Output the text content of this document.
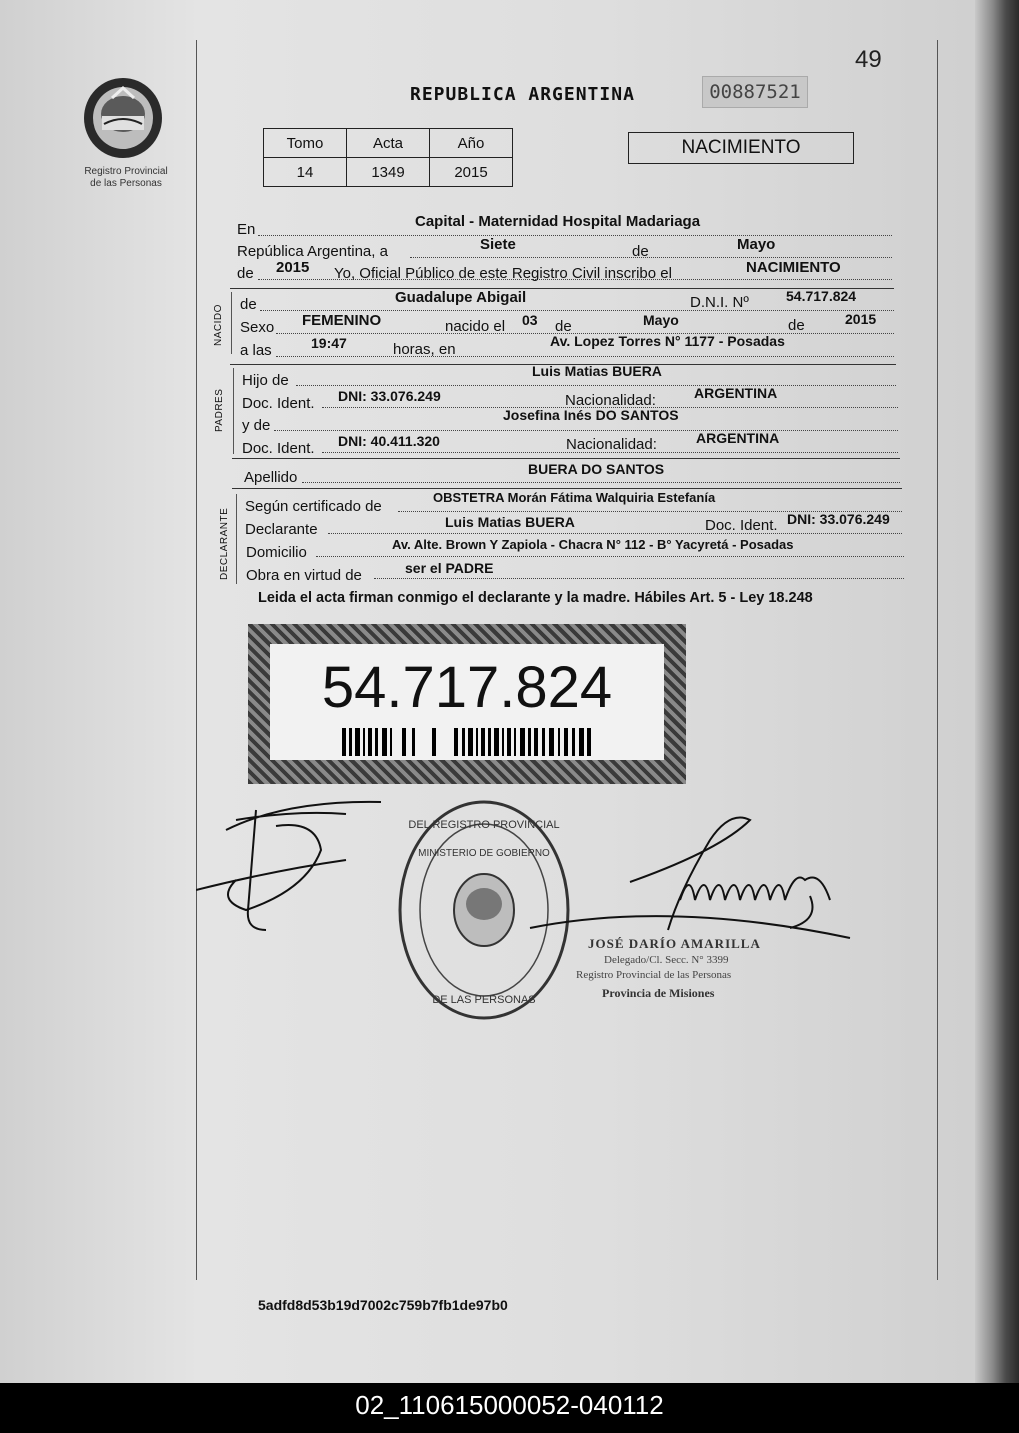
Registro Provincial
de las Personas
49
REPUBLICA ARGENTINA	00887521
Tomo	Acta	Año
14	1349	2015
NACIMIENTO
En	Capital - Maternidad Hospital Madariaga
República Argentina, a	Siete	de	Mayo
de 2015 Yo, Oficial Público de este Registro Civil inscribo el	NACIMIENTO
NACIDO de	Guadalupe Abigail	D.N.I. Nº	54.717.824
Sexo FEMENINO	nacido el 03 de	Mayo	de	2015
a las	19:47	horas, en	Av. Lopez Torres N° 1177 - Posadas
PADRES
Hijo de
Luis Matias BUERA
Doc. Ident. DNI: 33.076.249	Nacionalidad:	ARGENTINA
y de
Josefina Inés DO SANTOS
Doc. Ident. DNI: 40.411.320	Nacionalidad:	ARGENTINA
Apellido	BUERA DO SANTOS
DECLARANTE
Según certificado de
OBSTETRA Morán Fátima Walquiria Estefanía
Declarante	Luis Matias BUERA	Doc. Ident. DNI: 33.076.249
Domicilio	Av. Alte. Brown Y Zapiola - Chacra N° 112 - B° Yacyretá - Posadas
Obra en virtud de	ser el PADRE
Leida el acta firman conmigo el declarante y la madre. Hábiles Art. 5 - Ley 18.248
54.717.824
DEL REGISTRO PROVINCIAL
DE LAS PERSONAS
MINISTERIO DE GOBIERNO
JOSÉ DARÍO AMARILLA
Delegado/Cl. Secc. N° 3399
Registro Provincial de las Personas
Provincia de Misiones
5adfd8d53b19d7002c759b7fb1de97b0
02_110615000052-040112
